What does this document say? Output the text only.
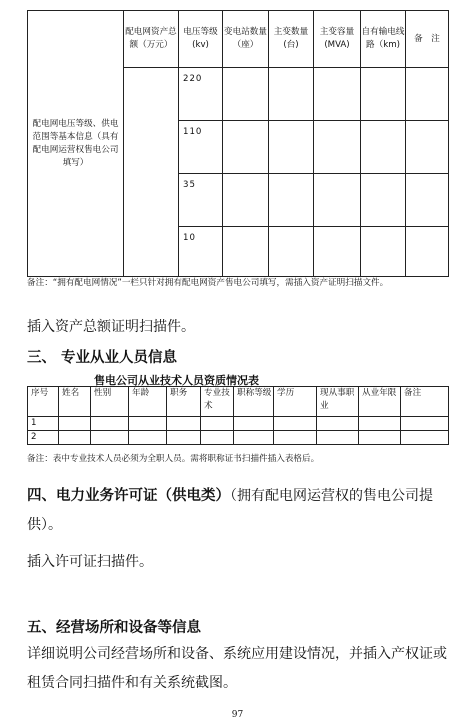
配电网电压等级、供电范围等基本信息（具有配电网运营权售电公司填写）	配电网资产总额（万元）	电压等级(kv)	变电站数量（座）	主变数量(台)	主变容量(MVA)	自有输电线路（km)	备　注
		220					
		110					
		35					
		10					
备注：“拥有配电网情况”一栏只针对拥有配电网资产售电公司填写，需插入资产证明扫描文件。
插入资产总额证明扫描件。
三、 专业从业人员信息
售电公司从业技术人员资质情况表
序号	姓名	性别	年龄	职务	专业技术	职称等级	学历	现从事职业	从业年限	备注
1										
2										
备注：表中专业技术人员必须为全职人员。需将职称证书扫描件插入表格后。
四、电力业务许可证（供电类）（拥有配电网运营权的售电公司提供）。
插入许可证扫描件。
五、经营场所和设备等信息
详细说明公司经营场所和设备、系统应用建设情况，并插入产权证或租赁合同扫描件和有关系统截图。
97
